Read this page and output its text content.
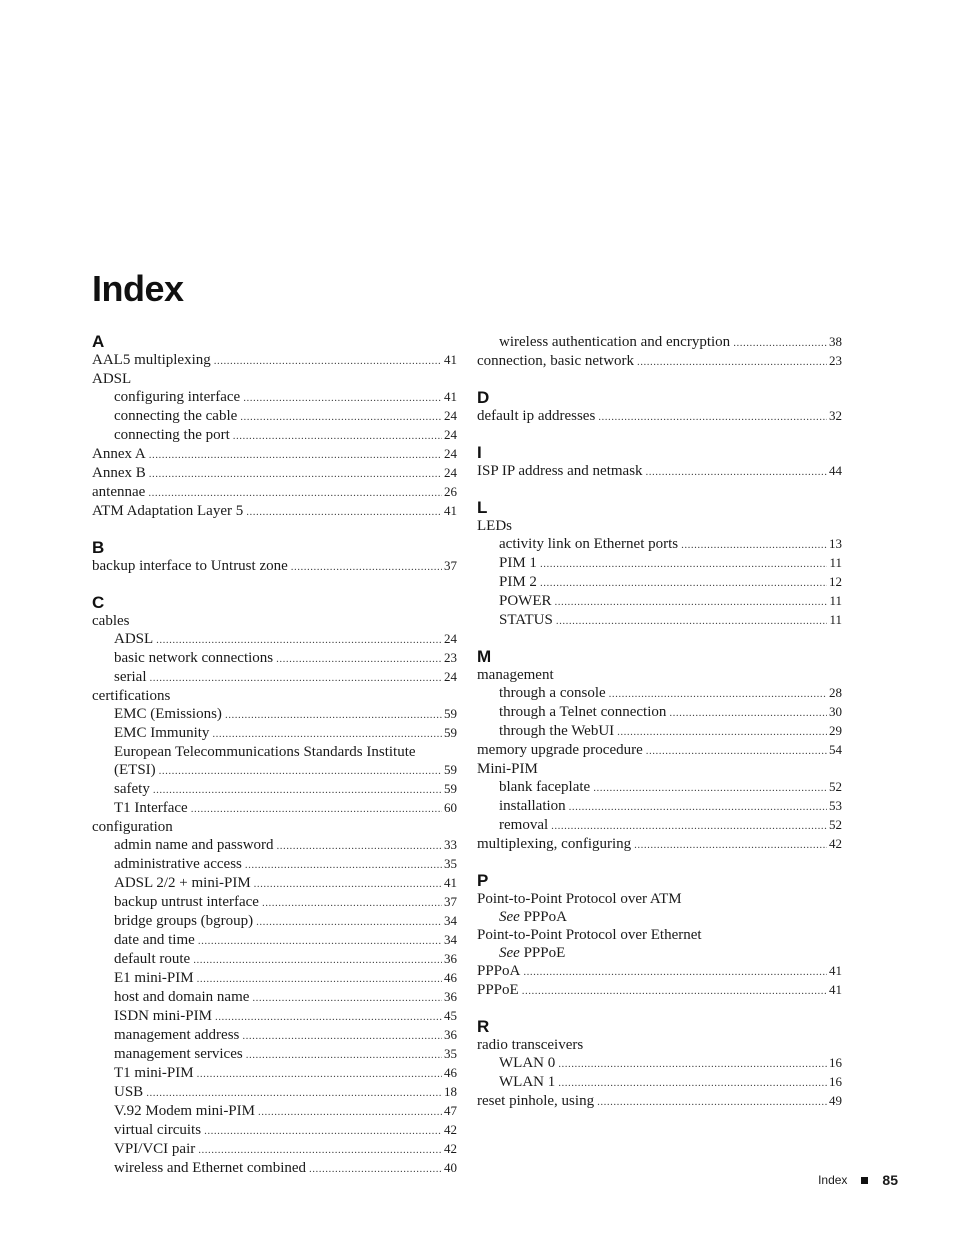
Index
A
AAL5 multiplexing .....	41
ADSL
configuring interface .....	41
connecting the cable .....	24
connecting the port .....	24
Annex A .....	24
Annex B .....	24
antennae .....	26
ATM Adaptation Layer 5 .....	41
B
backup interface to Untrust zone .....	37
C
cables
ADSL .....	24
basic network connections .....	23
serial .....	24
certifications
EMC (Emissions) .....	59
EMC Immunity .....	59
European Telecommunications Standards Institute
(ETSI) .....	59
safety .....	59
T1 Interface .....	60
configuration
admin name and password .....	33
administrative access .....	35
ADSL 2/2 + mini-PIM .....	41
backup untrust interface .....	37
bridge groups (bgroup) .....	34
date and time .....	34
default route .....	36
E1 mini-PIM .....	46
host and domain name .....	36
ISDN mini-PIM .....	45
management address .....	36
management services .....	35
T1 mini-PIM .....	46
USB .....	18
V.92 Modem mini-PIM .....	47
virtual circuits .....	42
VPI/VCI pair .....	42
wireless and Ethernet combined .....	40
wireless authentication and encryption .....	38
connection, basic network .....	23
D
default ip addresses .....	32
I
ISP IP address and netmask .....	44
L
LEDs
activity link on Ethernet ports .....	13
PIM 1 .....	11
PIM 2 .....	12
POWER .....	11
STATUS .....	11
M
management
through a console .....	28
through a Telnet connection .....	30
through the WebUI .....	29
memory upgrade procedure .....	54
Mini-PIM
blank faceplate .....	52
installation .....	53
removal .....	52
multiplexing, configuring .....	42
P
Point-to-Point Protocol over ATM
See PPPoA
Point-to-Point Protocol over Ethernet
See PPPoE
PPPoA .....	41
PPPoE .....	41
R
radio transceivers
WLAN 0 .....	16
WLAN 1 .....	16
reset pinhole, using .....	49
Index	85
